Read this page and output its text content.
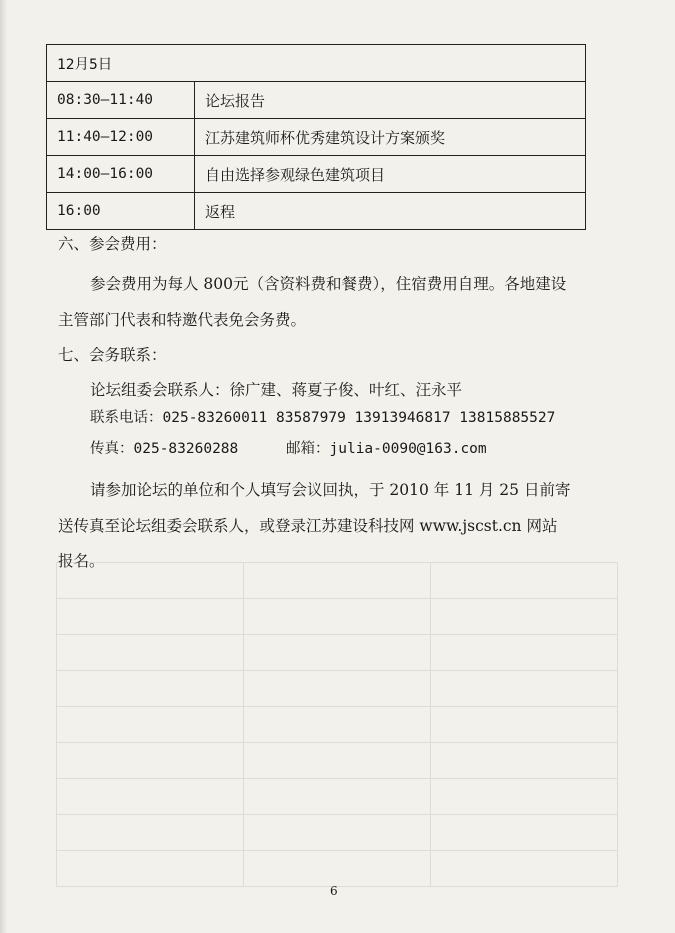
12月5日	
08:30—11:40	论坛报告
11:40—12:00	江苏建筑师杯优秀建筑设计方案颁奖
14:00—16:00	自由选择参观绿色建筑项目
16:00	返程
六、参会费用：
参会费用为每人 800元（含资料费和餐费），住宿费用自理。各地建设
主管部门代表和特邀代表免会务费。
七、会务联系：
论坛组委会联系人：徐广建、蒋夏子俊、叶红、汪永平
联系电话：025-83260011 83587979 13913946817 13815885527
传真：025-83260288	邮箱：julia-0090@163.com
请参加论坛的单位和个人填写会议回执，于 2010 年 11 月 25 日前寄
送传真至论坛组委会联系人，或登录江苏建设科技网 www.jscst.cn 网站
报名。

6
